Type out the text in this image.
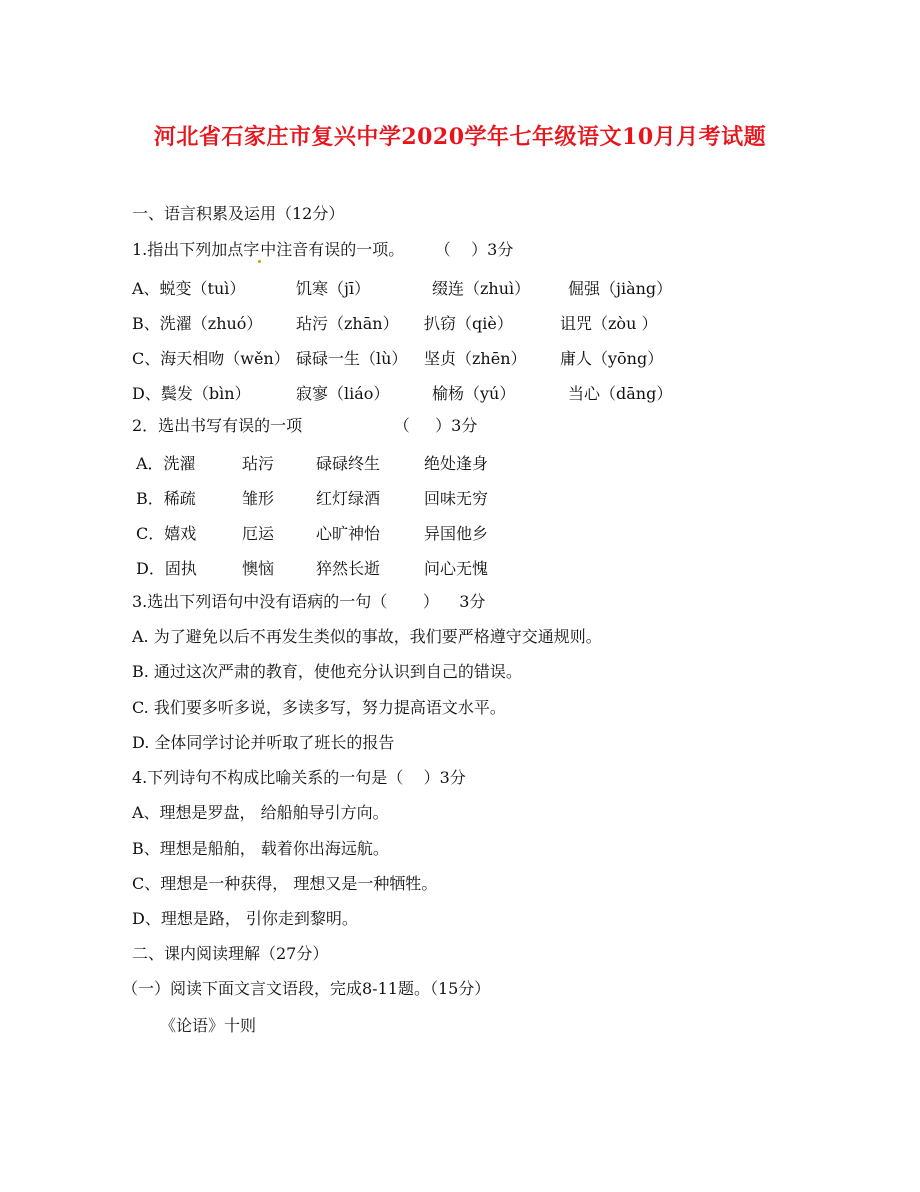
河北省石家庄市复兴中学2020学年七年级语文10月月考试题
一、语言积累及运用（12分）
1.指出下列加点字中注音有误的一项。      （    ）3分
A、蜕变（tuì）	饥寒（jī）	缀连（zhuì） 倔强（jiàng）
B、洗濯（zhuó） 玷污（zhān） 扒窃（qiè）	诅咒（zòu ）
C、海天相吻（wěn） 碌碌一生（lù） 坚贞（zhēn） 庸人（yōng）
D、鬓发（bìn）	寂寥（liáo）	榆杨（yú）	当心（dāng）
2．选出书写有误的一项                  （     ）3分
A．洗濯	玷污	碌碌终生	绝处逢身
B．稀疏	雏形	红灯绿酒	回味无穷
C．嬉戏	厄运	心旷神怡	异国他乡
D．固执	懊恼	猝然长逝	问心无愧
3.选出下列语句中没有语病的一句（       ）    3分
A. 为了避免以后不再发生类似的事故，我们要严格遵守交通规则。
B. 通过这次严肃的教育，使他充分认识到自己的错误。
C. 我们要多听多说，多读多写，努力提高语文水平。
D. 全体同学讨论并听取了班长的报告
4.下列诗句不构成比喻关系的一句是（    ）3分
A、理想是罗盘， 给船舶导引方向。
B、理想是船舶， 载着你出海远航。
C、理想是一种获得， 理想又是一种牺牲。
D、理想是路， 引你走到黎明。
二、课内阅读理解（27分）
（一）阅读下面文言文语段，完成8-11题。（15分）
《论语》十则
